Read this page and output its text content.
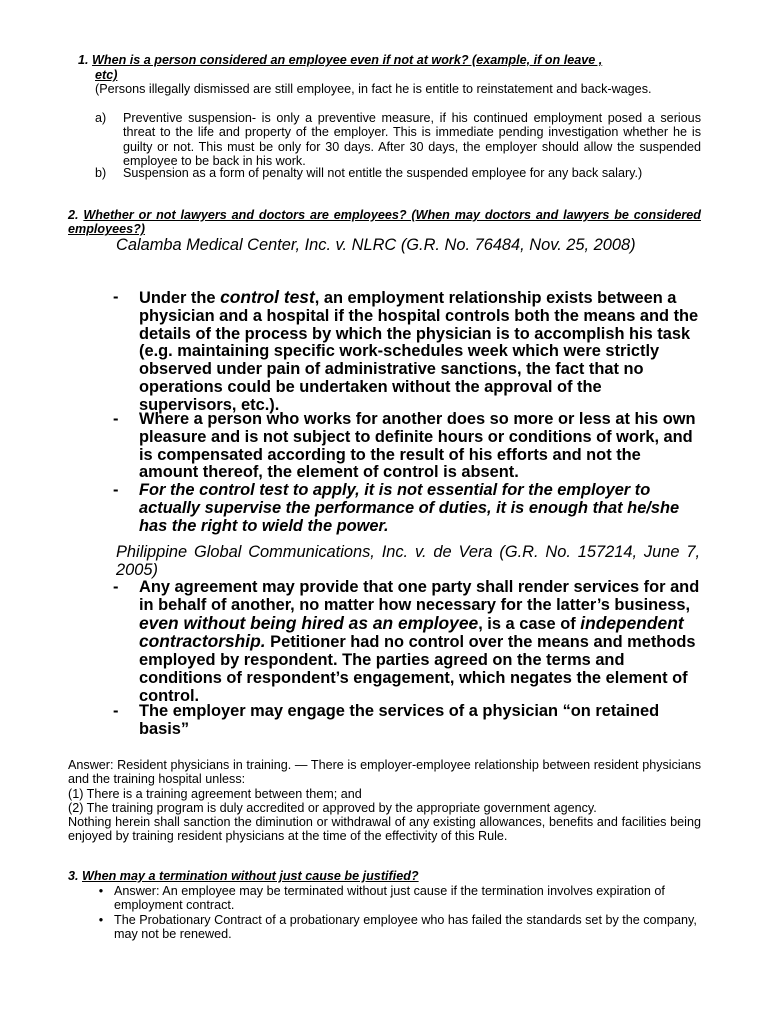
1. When is a person considered an employee even if not at work? (example, if on leave ,
etc)
(Persons illegally dismissed are still employee, in fact he is entitle to reinstatement and back-wages.
a)	Preventive suspension- is only a preventive measure, if his continued employment posed a serious threat to the life and property of the employer. This is immediate pending investigation whether he is guilty or not. This must be only for 30 days. After 30 days, the employer should allow the suspended employee to be back in his work.
b)	Suspension as a form of penalty will not entitle the suspended employee for any back salary.)
2. Whether or not lawyers and doctors are employees? (When may doctors and lawyers be considered employees?)
Calamba Medical Center, Inc. v. NLRC (G.R. No. 76484, Nov. 25, 2008)
-	Under the control test, an employment relationship exists between a physician and a hospital if the hospital controls both the means and the details of the process by which the physician is to accomplish his task (e.g. maintaining specific work-schedules week which were strictly observed under pain of administrative sanctions, the fact that no operations could be undertaken without the approval of the supervisors, etc.).
-	Where a person who works for another does so more or less at his own pleasure and is not subject to definite hours or conditions of work, and is compensated according to the result of his efforts and not the amount thereof, the element of control is absent.
-	For the control test to apply, it is not essential for the employer to actually supervise the performance of duties, it is enough that he/she has the right to wield the power.
Philippine Global Communications, Inc. v. de Vera (G.R. No. 157214, June 7, 2005)
-	Any agreement may provide that one party shall render services for and in behalf of another, no matter how necessary for the latter’s business, even without being hired as an employee, is a case of independent contractorship. Petitioner had no control over the means and methods employed by respondent. The parties agreed on the terms and conditions of respondent’s engagement, which negates the element of control.
-	The employer may engage the services of a physician “on retained basis”
Answer: Resident physicians in training. — There is employer-employee relationship between resident physicians and the training hospital unless:
(1) There is a training agreement between them; and
(2) The training program is duly accredited or approved by the appropriate government agency.
Nothing herein shall sanction the diminution or withdrawal of any existing allowances, benefits and facilities being enjoyed by training resident physicians at the time of the effectivity of this Rule.
3. When may a termination without just cause be justified?
• Answer: An employee may be terminated without just cause if the termination involves expiration of employment contract.
• The Probationary Contract of a probationary employee who has failed the standards set by the company, may not be renewed.
